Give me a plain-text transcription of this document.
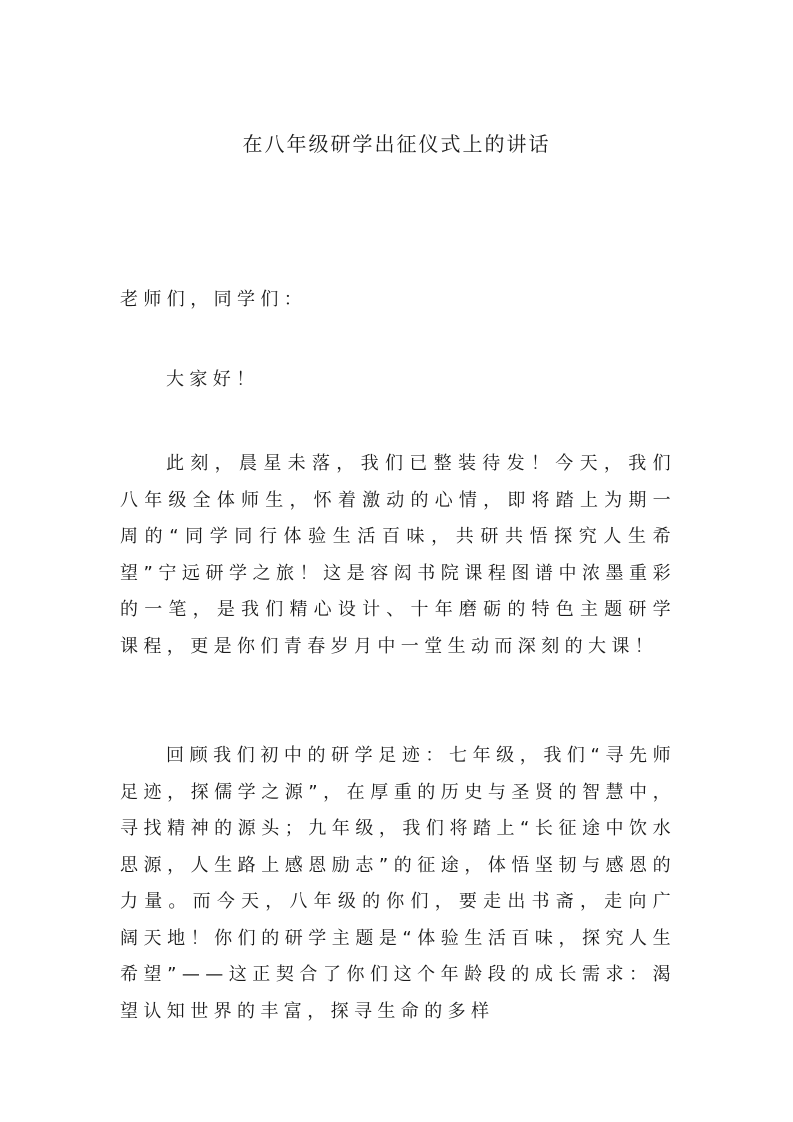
在八年级研学出征仪式上的讲话

老师们，同学们：

大家好！

此刻，晨星未落，我们已整装待发！今天，我们八年级全体师生，怀着激动的心情，即将踏上为期一周的“同学同行体验生活百味，共研共悟探究人生希望”宁远研学之旅！这是容闳书院课程图谱中浓墨重彩的一笔，是我们精心设计、十年磨砺的特色主题研学课程，更是你们青春岁月中一堂生动而深刻的大课！

回顾我们初中的研学足迹：七年级，我们“寻先师足迹，探儒学之源”，在厚重的历史与圣贤的智慧中，寻找精神的源头；九年级，我们将踏上“长征途中饮水思源，人生路上感恩励志”的征途，体悟坚韧与感恩的力量。而今天，八年级的你们，要走出书斋，走向广阔天地！你们的研学主题是“体验生活百味，探究人生希望”——这正契合了你们这个年龄段的成长需求：渴望认知世界的丰富，探寻生命的多样
